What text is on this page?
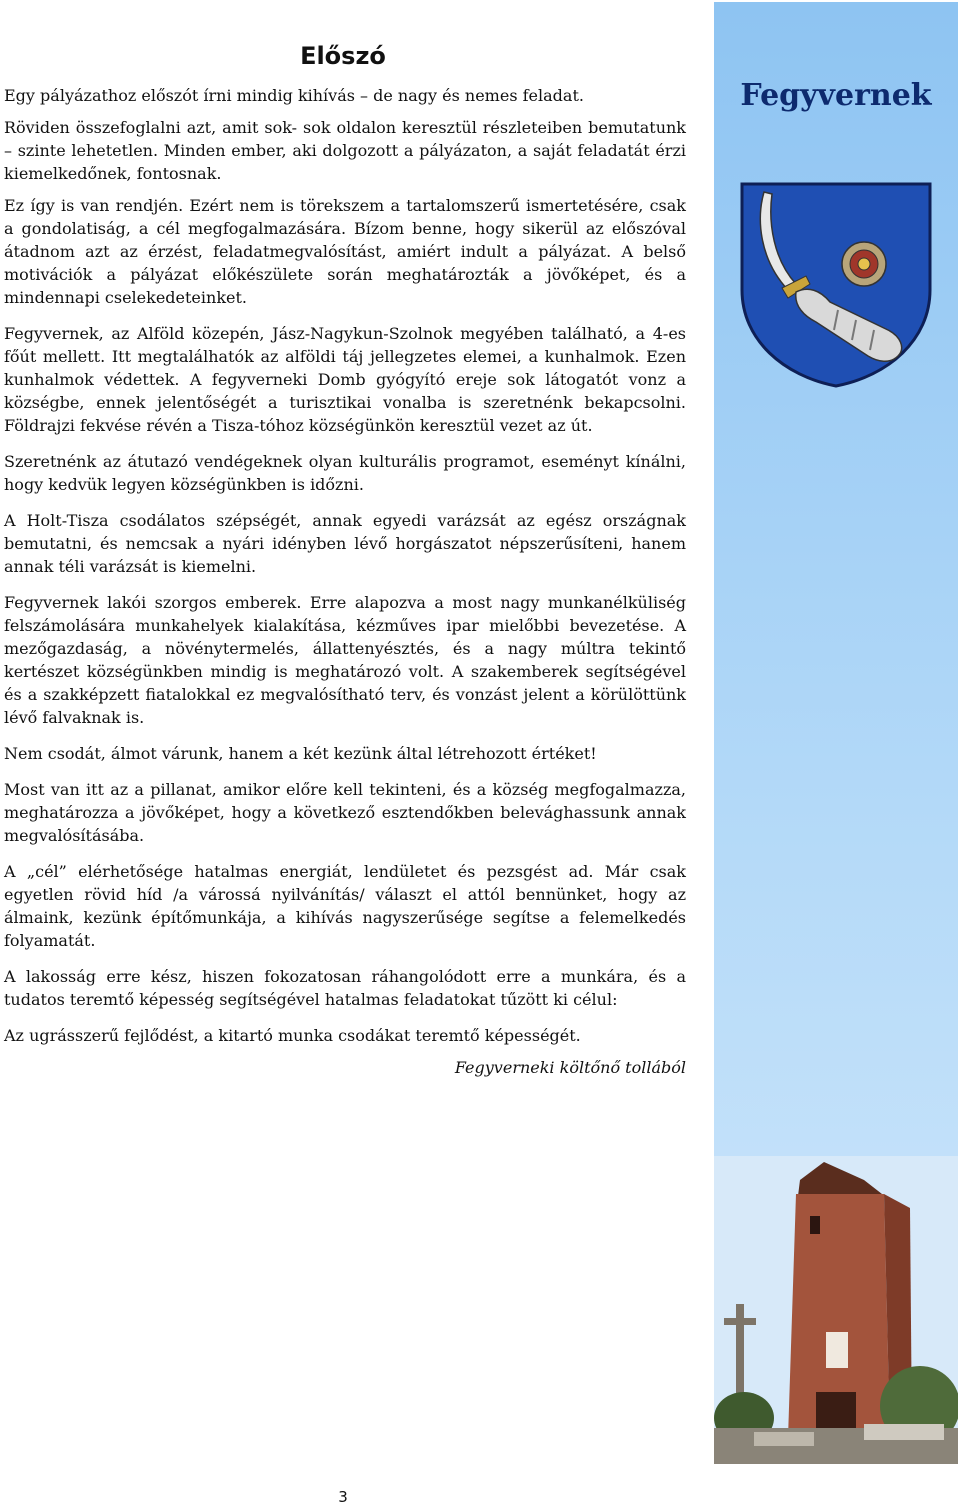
Előszó

Egy pályázathoz előszót írni mindig kihívás – de nagy és nemes feladat.

Röviden összefoglalni azt, amit sok- sok oldalon keresztül részleteiben bemutatunk – szinte lehetetlen. Minden ember, aki dolgozott a pályázaton, a saját feladatát érzi kiemelkedőnek, fontosnak.

Ez így is van rendjén. Ezért nem is törekszem a tartalomszerű ismertetésére, csak a gondolatiság, a cél megfogalmazására. Bízom benne, hogy sikerül az előszóval átadnom azt az érzést, feladatmegvalósítást, amiért indult a pályázat. A belső motivációk a pályázat előkészülete során meghatározták a jövőképet, és a mindennapi cselekedeteinket.

Fegyvernek, az Alföld közepén, Jász-Nagykun-Szolnok megyében található, a 4-es főút mellett. Itt megtalálhatók az alföldi táj jellegzetes elemei, a kunhalmok. Ezen kunhalmok védettek. A fegyverneki Domb gyógyító ereje sok látogatót vonz a községbe, ennek jelentőségét a turisztikai vonalba is szeretnénk bekapcsolni. Földrajzi fekvése révén a Tisza-tóhoz községünkön keresztül vezet az út.

Szeretnénk az átutazó vendégeknek olyan kulturális programot, eseményt kínálni, hogy kedvük legyen községünkben is időzni.

A Holt-Tisza csodálatos szépségét, annak egyedi varázsát az egész országnak bemutatni, és nemcsak a nyári idényben lévő horgászatot népszerűsíteni, hanem annak téli varázsát is kiemelni.

Fegyvernek lakói szorgos emberek. Erre alapozva a most nagy munkanélküliség felszámolására munkahelyek kialakítása, kézműves ipar mielőbbi bevezetése. A mezőgazdaság, a növénytermelés, állattenyésztés, és a nagy múltra tekintő kertészet községünkben mindig is meghatározó volt. A szakemberek segítségével és a szakképzett fiatalokkal ez megvalósítható terv, és vonzást jelent a körülöttünk lévő falvaknak is.

Nem csodát, álmot várunk, hanem a két kezünk által létrehozott értéket!

Most van itt az a pillanat, amikor előre kell tekinteni, és a község megfogalmazza, meghatározza a jövőképet, hogy a következő esztendőkben belevághassunk annak megvalósításába.

A „cél” elérhetősége hatalmas energiát, lendületet és pezsgést ad. Már csak egyetlen rövid híd /a várossá nyilvánítás/ választ el attól bennünket, hogy az álmaink, kezünk építőmunkája, a kihívás nagyszerűsége segítse a felemelkedés folyamatát.

A lakosság erre kész, hiszen fokozatosan ráhangolódott erre a munkára, és a tudatos teremtő képesség segítségével hatalmas feladatokat tűzött ki célul:

Az ugrásszerű fejlődést, a kitartó munka csodákat teremtő képességét.

Fegyverneki költőnő tollából

Fegyvernek

3
